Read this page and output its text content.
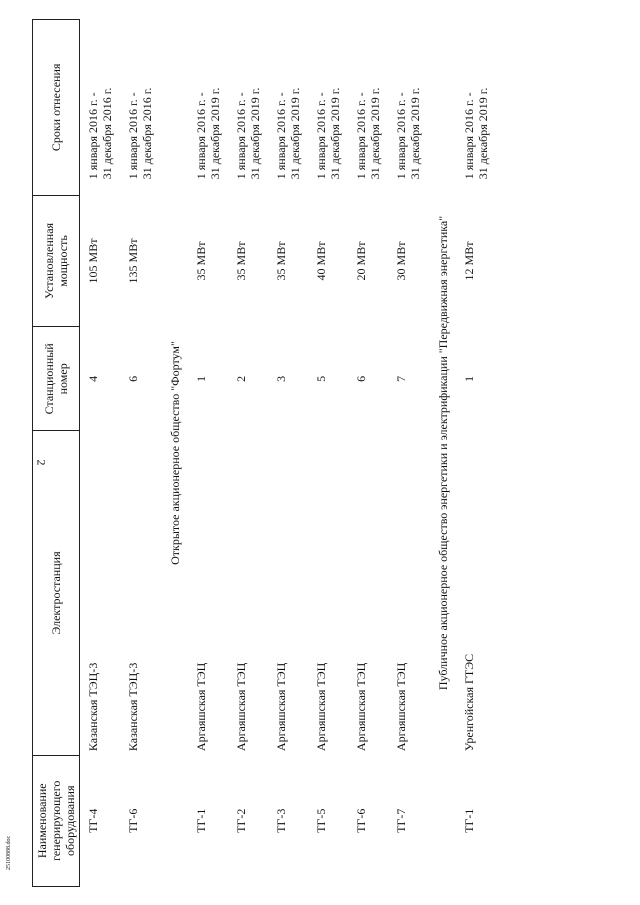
2
25100888.doc Наименование генерирующего оборудования	Электростанция	Станционный номер	Установленная мощность	Сроки отнесения
ТГ-4	Казанская ТЭЦ-3	4	105 МВт	1 января 2016 г. -
31 декабря 2016 г.
ТГ-6	Казанская ТЭЦ-3	6	135 МВт	1 января 2016 г. -
31 декабря 2016 г.
Открытое акционерное общество "Фортум"				
ТГ-1	Аргаяшская ТЭЦ	1	35 МВт	1 января 2016 г. -
31 декабря 2019 г.
ТГ-2	Аргаяшская ТЭЦ	2	35 МВт	1 января 2016 г. -
31 декабря 2019 г.
ТГ-3	Аргаяшская ТЭЦ	3	35 МВт	1 января 2016 г. -
31 декабря 2019 г.
ТГ-5	Аргаяшская ТЭЦ	5	40 МВт	1 января 2016 г. -
31 декабря 2019 г.
ТГ-6	Аргаяшская ТЭЦ	6	20 МВт	1 января 2016 г. -
31 декабря 2019 г.
ТГ-7	Аргаяшская ТЭЦ	7	30 МВт	1 января 2016 г. -
31 декабря 2019 г.
Публичное акционерное общество энергетики и электрификации "Передвижная энергетика"				
ТГ-1	Уренгойская ГТЭС	1	12 МВт	1 января 2016 г. -
31 декабря 2019 г.
